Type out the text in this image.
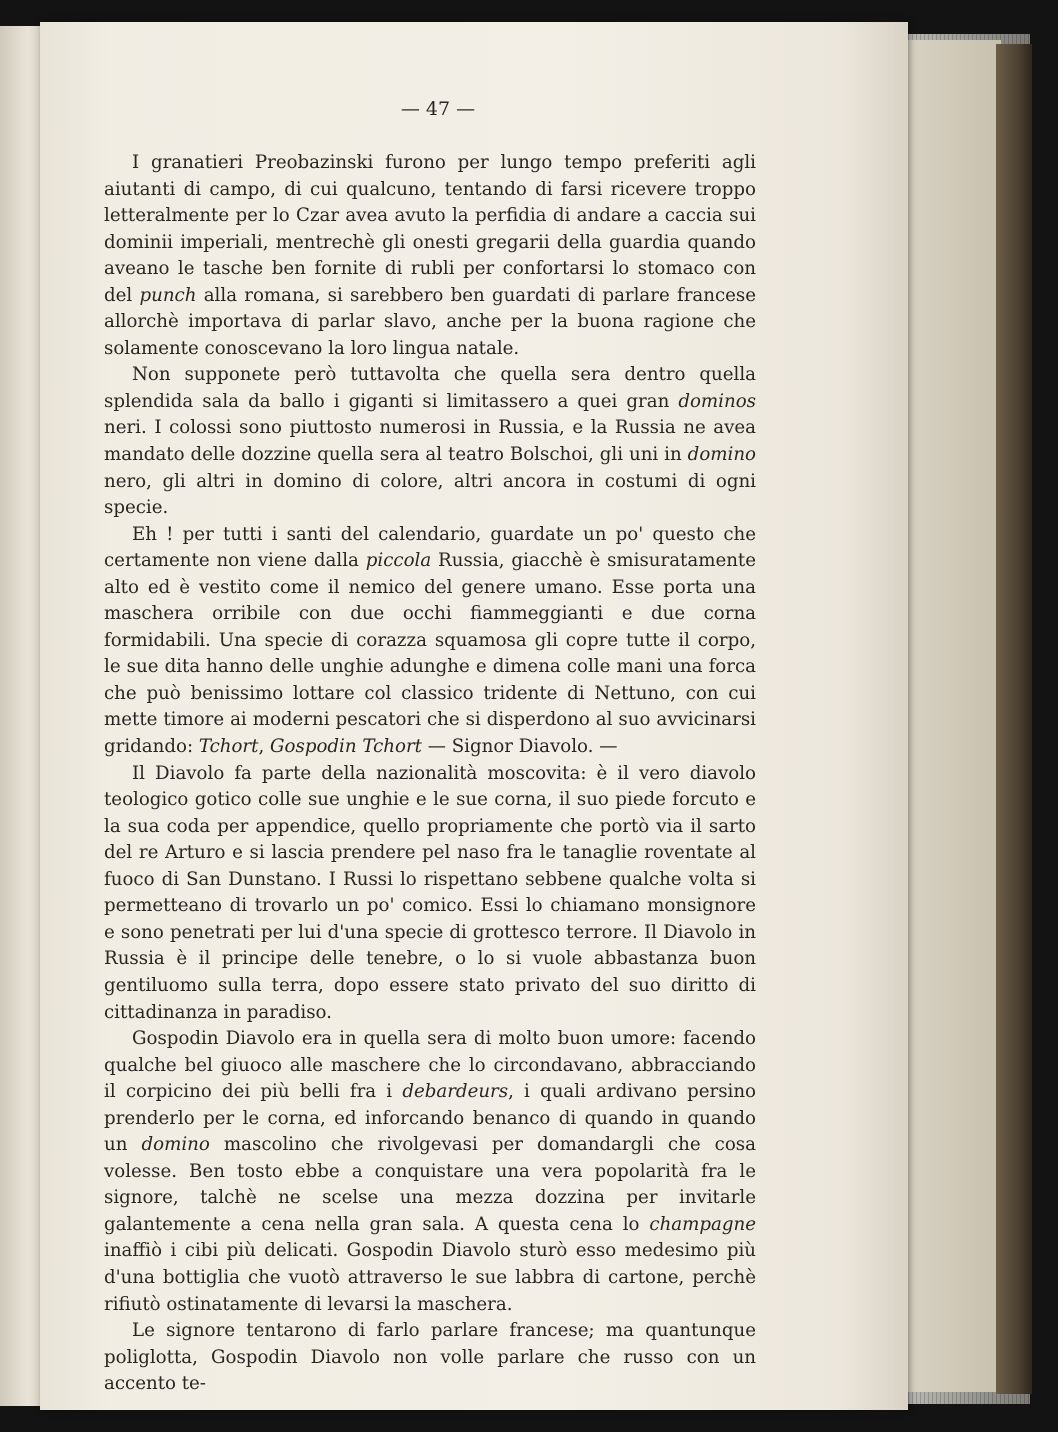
— 47 —

I granatieri Preobazinski furono per lungo tempo preferiti agli aiutanti di campo, di cui qualcuno, tentando di farsi ricevere troppo letteralmente per lo Czar avea avuto la perfidia di andare a caccia sui dominii imperiali, mentrechè gli onesti gregarii della guardia quando aveano le tasche ben fornite di rubli per confortarsi lo stomaco con del punch alla romana, si sarebbero ben guardati di parlare francese allorchè importava di parlar slavo, anche per la buona ragione che solamente conoscevano la loro lingua natale.

Non supponete però tuttavolta che quella sera dentro quella splendida sala da ballo i giganti si limitassero a quei gran dominos neri. I colossi sono piuttosto numerosi in Russia, e la Russia ne avea mandato delle dozzine quella sera al teatro Bolschoi, gli uni in domino nero, gli altri in domino di colore, altri ancora in costumi di ogni specie.

Eh ! per tutti i santi del calendario, guardate un po' questo che certamente non viene dalla piccola Russia, giacchè è smisuratamente alto ed è vestito come il nemico del genere umano. Esse porta una maschera orribile con due occhi fiammeggianti e due corna formidabili. Una specie di corazza squamosa gli copre tutte il corpo, le sue dita hanno delle unghie adunghe e dimena colle mani una forca che può benissimo lottare col classico tridente di Nettuno, con cui mette timore ai moderni pescatori che si disperdono al suo avvicinarsi gridando: Tchort, Gospodin Tchort — Signor Diavolo. —

Il Diavolo fa parte della nazionalità moscovita: è il vero diavolo teologico gotico colle sue unghie e le sue corna, il suo piede forcuto e la sua coda per appendice, quello propriamente che portò via il sarto del re Arturo e si lascia prendere pel naso fra le tanaglie roventate al fuoco di San Dunstano. I Russi lo rispettano sebbene qualche volta si permetteano di trovarlo un po' comico. Essi lo chiamano monsignore e sono penetrati per lui d'una specie di grottesco terrore. Il Diavolo in Russia è il principe delle tenebre, o lo si vuole abbastanza buon gentiluomo sulla terra, dopo essere stato privato del suo diritto di cittadinanza in paradiso.

Gospodin Diavolo era in quella sera di molto buon umore: facendo qualche bel giuoco alle maschere che lo circondavano, abbracciando il corpicino dei più belli fra i debardeurs, i quali ardivano persino prenderlo per le corna, ed inforcando benanco di quando in quando un domino mascolino che rivolgevasi per domandargli che cosa volesse. Ben tosto ebbe a conquistare una vera popolarità fra le signore, talchè ne scelse una mezza dozzina per invitarle galantemente a cena nella gran sala. A questa cena lo champagne inaffiò i cibi più delicati. Gospodin Diavolo sturò esso medesimo più d'una bottiglia che vuotò attraverso le sue labbra di cartone, perchè rifiutò ostinatamente di levarsi la maschera.

Le signore tentarono di farlo parlare francese; ma quantunque poliglotta, Gospodin Diavolo non volle parlare che russo con un accento te-
